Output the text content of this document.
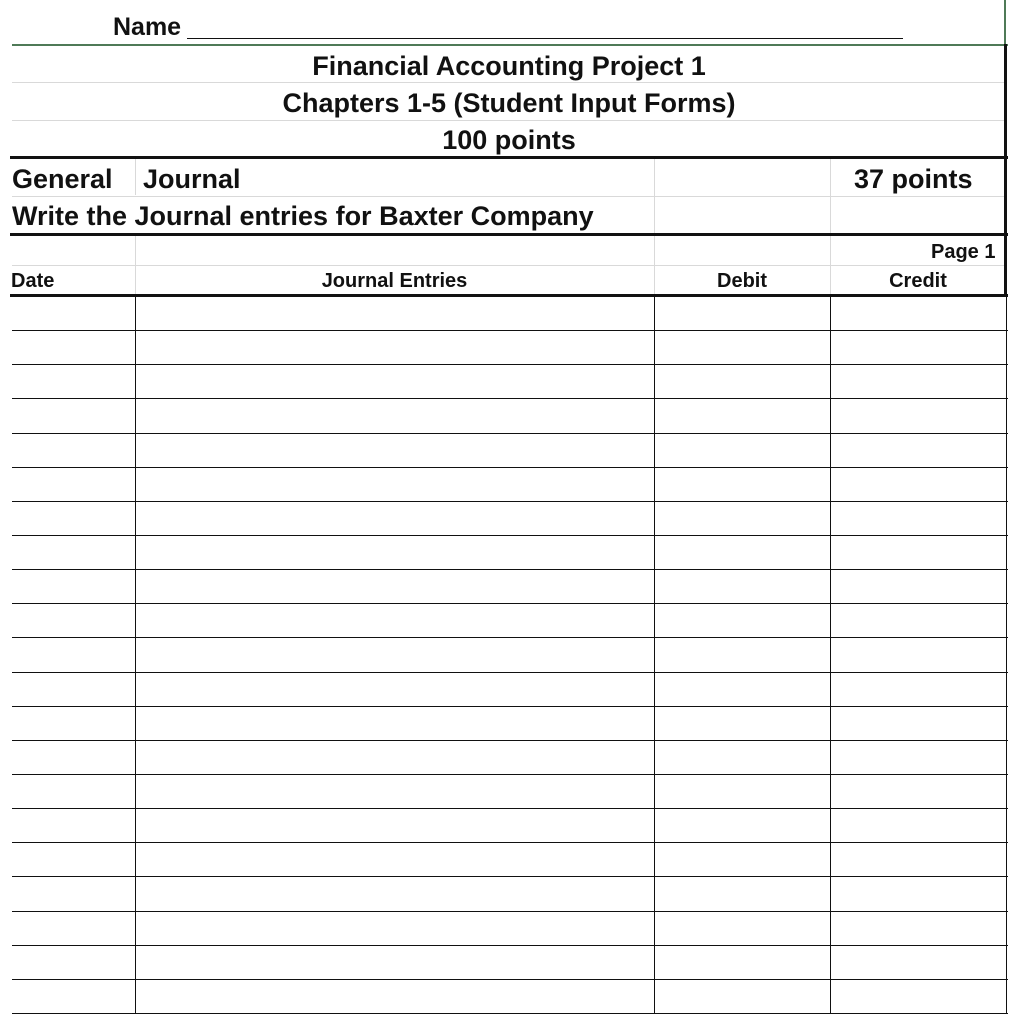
Name
Financial Accounting Project 1
Chapters 1-5 (Student Input Forms)
100 points
General Journal	37 points
Write the Journal entries for Baxter Company
Page 1
Date	Journal Entries	Debit	Credit
